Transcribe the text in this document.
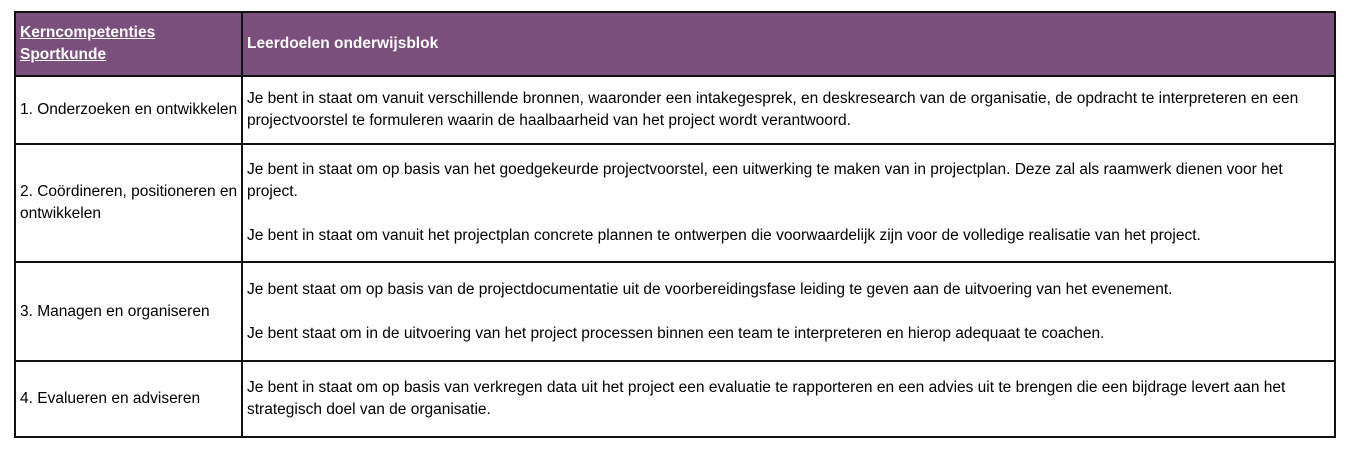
Kerncompetenties
Sportkunde	Leerdoelen onderwijsblok

1. Onderzoeken en ontwikkelen	Je bent in staat om vanuit verschillende bronnen, waaronder een intakegesprek, en deskresearch van de organisatie, de opdracht te interpreteren en een projectvoorstel te formuleren waarin de haalbaarheid van het project wordt verantwoord.

2. Coördineren, positioneren en ontwikkelen	Je bent in staat om op basis van het goedgekeurde projectvoorstel, een uitwerking te maken van in projectplan. Deze zal als raamwerk dienen voor het project.
Je bent in staat om vanuit het projectplan concrete plannen te ontwerpen die voorwaardelijk zijn voor de volledige realisatie van het project.

3. Managen en organiseren	Je bent staat om op basis van de projectdocumentatie uit de voorbereidingsfase leiding te geven aan de uitvoering van het evenement.
Je bent staat om in de uitvoering van het project processen binnen een team te interpreteren en hierop adequaat te coachen.

4. Evalueren en adviseren	Je bent in staat om op basis van verkregen data uit het project een evaluatie te rapporteren en een advies uit te brengen die een bijdrage levert aan het strategisch doel van de organisatie.
